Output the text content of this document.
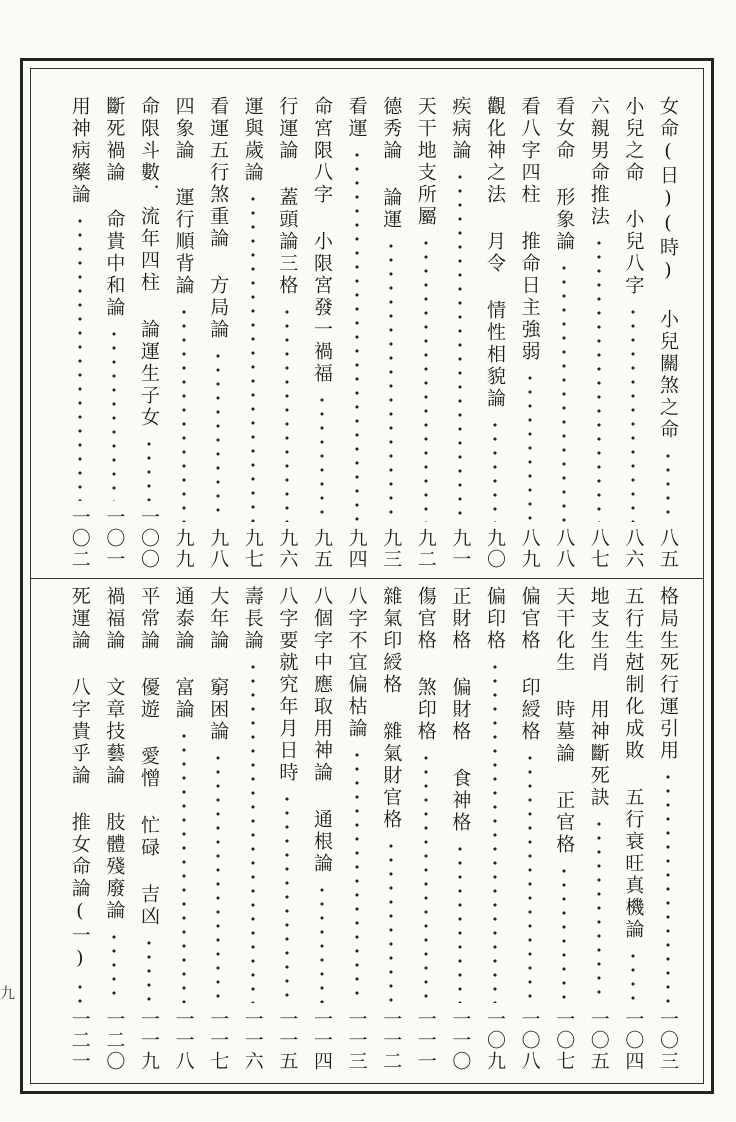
女命(日)(時) 小兒關煞之命
八五
小兒之命 小兒八字
八六
六親男命推法
八七
看女命 形象論
八八
看八字四柱 推命日主強弱
八九
觀化神之法 月令 情性相貌論
九〇
疾病論
九一
天干地支所屬
九二
德秀論 論運
九三
看運
九四
命宮限八字 小限宮發一禍福
九五
行運論 蓋頭論三格
九六
運與歲論
九七
看運五行煞重論 方局論
九八
四象論 運行順背論
九九
命限斗數．流年四柱 論運生子女
一〇〇
斷死禍論 命貴中和論
一〇一
用神病藥論
一〇二
格局生死行運引用
一〇三
五行生尅制化成敗 五行衰旺真機論
一〇四
地支生肖 用神斷死訣
一〇五
天干化生 時墓論 正官格
一〇七
偏官格 印綬格
一〇八
偏印格
一〇九
正財格 偏財格 食神格
一一〇
傷官格 煞印格
一一一
雜氣印綬格 雜氣財官格
一一二
八字不宜偏枯論
一一三
八個字中應取用神論 通根論
一一四
八字要就究年月日時
一一五
壽長論
一一六
大年論 窮困論
一一七
通泰論 富論
一一八
平常論 優遊 愛憎 忙碌 吉凶
一一九
禍福論 文章技藝論 肢體殘廢論
一二〇
死運論 八字貴乎論 推女命論(一)
一二一
九
